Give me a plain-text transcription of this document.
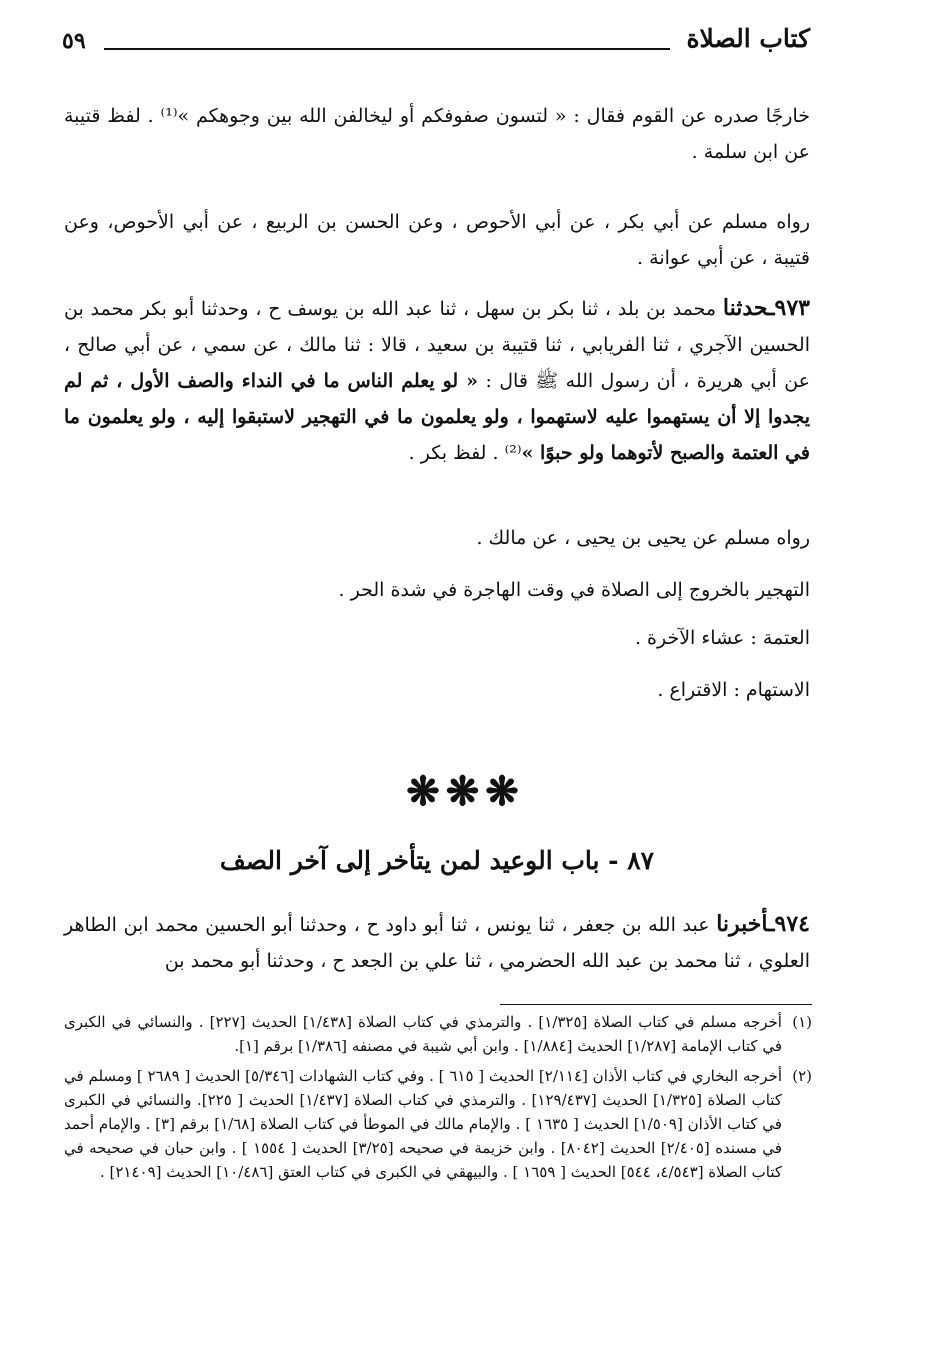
كتاب الصلاة
٥٩

خارجًا صدره عن القوم فقال : « لتسون صفوفكم أو ليخالفن الله بين وجوهكم »⁽¹⁾ . لفظ قتيبة عن ابن سلمة .

رواه مسلم عن أبي بكر ، عن أبي الأحوص ، وعن الحسن بن الربيع ، عن أبي الأحوص، وعن قتيبة ، عن أبي عوانة .

٩٧٣ـحدثنا محمد بن بلد ، ثنا بكر بن سهل ، ثنا عبد الله بن يوسف ح ، وحدثنا أبو بكر محمد بن الحسين الآجري ، ثنا الفريابي ، ثنا قتيبة بن سعيد ، قالا : ثنا مالك ، عن سمي ، عن أبي صالح ، عن أبي هريرة ، أن رسول الله ﷺ قال : « لو يعلم الناس ما في النداء والصف الأول ، ثم لم يجدوا إلا أن يستهموا عليه لاستهموا ، ولو يعلمون ما في التهجير لاستبقوا إليه ، ولو يعلمون ما في العتمة والصبح لأتوهما ولو حبوًا »⁽²⁾ . لفظ بكر .

رواه مسلم عن يحيى بن يحيى ، عن مالك .

التهجير بالخروج إلى الصلاة في وقت الهاجرة في شدة الحر .

العتمة : عشاء الآخرة .

الاستهام : الاقتراع .

❋❋❋
٨٧ - باب الوعيد لمن يتأخر إلى آخر الصف

٩٧٤ـأخبرنا عبد الله بن جعفر ، ثنا يونس ، ثنا أبو داود ح ، وحدثنا أبو الحسين محمد ابن الطاهر العلوي ، ثنا محمد بن عبد الله الحضرمي ، ثنا علي بن الجعد ح ، وحدثنا أبو محمد بن

(١)
أخرجه مسلم في كتاب الصلاة [١/٣٢٥] . والترمذي في كتاب الصلاة [١/٤٣٨] الحديث [٢٢٧] . والنسائي في الكبرى في كتاب الإمامة [١/٢٨٧] الحديث [١/٨٨٤] . وابن أبي شيبة في مصنفه [١/٣٨٦] برقم [١].

(٢)
أخرجه البخاري في كتاب الأذان [٢/١١٤] الحديث [ ٦١٥ ] . وفي كتاب الشهادات [٥/٣٤٦] الحديث [ ٢٦٨٩ ] ومسلم في كتاب الصلاة [١/٣٢٥] الحديث [١٢٩/٤٣٧] . والترمذي في كتاب الصلاة [١/٤٣٧] الحديث [ ٢٢٥]. والنسائي في الكبرى في كتاب الأذان [١/٥٠٩] الحديث [ ١٦٣٥ ] . والإمام مالك في الموطأ في كتاب الصلاة [١/٦٨] برقم [٣] . والإمام أحمد في مسنده [٢/٤٠٥] الحديث [٨٠٤٢] . وابن خزيمة في صحيحه [٣/٢٥] الحديث [ ١٥٥٤ ] . وابن حبان في صحيحه في كتاب الصلاة [٤/٥٤٣، ٥٤٤] الحديث [ ١٦٥٩ ] . والبيهقي في الكبرى في كتاب العتق [١٠/٤٨٦] الحديث [٢١٤٠٩] .
